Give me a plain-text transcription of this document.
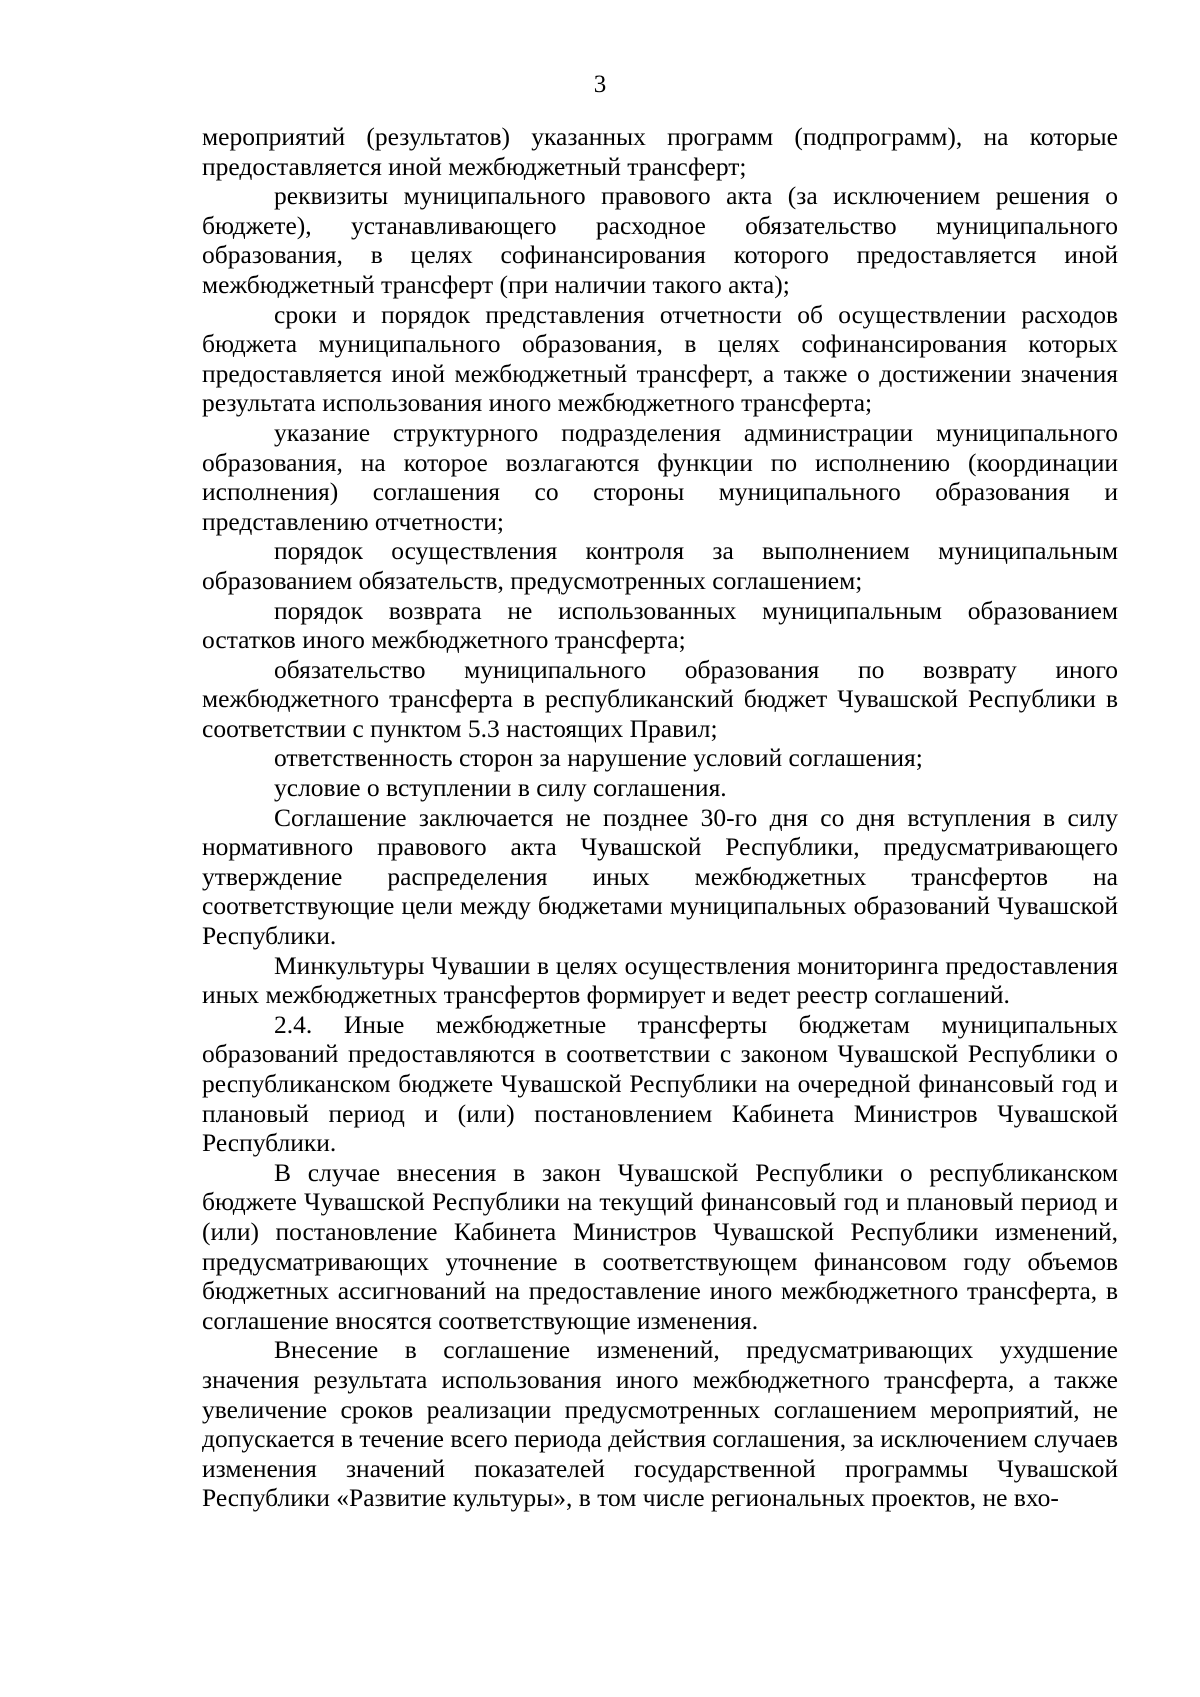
3

мероприятий (результатов) указанных программ (подпрограмм), на которые предоставляется иной межбюджетный трансферт;

реквизиты муниципального правового акта (за исключением решения о бюджете), устанавливающего расходное обязательство муниципального образования, в целях софинансирования которого предоставляется иной межбюджетный трансферт (при наличии такого акта);

сроки и порядок представления отчетности об осуществлении расходов бюджета муниципального образования, в целях софинансирования которых предоставляется иной межбюджетный трансферт, а также о достижении значения результата использования иного межбюджетного трансферта;

указание структурного подразделения администрации муниципального образования, на которое возлагаются функции по исполнению (координации исполнения) соглашения со стороны муниципального образования и представлению отчетности;

порядок осуществления контроля за выполнением муниципальным образованием обязательств, предусмотренных соглашением;

порядок возврата не использованных муниципальным образованием остатков иного межбюджетного трансферта;

обязательство муниципального образования по возврату иного межбюджетного трансферта в республиканский бюджет Чувашской Республики в соответствии с пунктом 5.3 настоящих Правил;

ответственность сторон за нарушение условий соглашения;

условие о вступлении в силу соглашения.

Соглашение заключается не позднее 30-го дня со дня вступления в силу нормативного правового акта Чувашской Республики, предусматривающего утверждение распределения иных межбюджетных трансфертов на соответствующие цели между бюджетами муниципальных образований Чувашской Республики.

Минкультуры Чувашии в целях осуществления мониторинга предоставления иных межбюджетных трансфертов формирует и ведет реестр соглашений.

2.4. Иные межбюджетные трансферты бюджетам муниципальных образований предоставляются в соответствии с законом Чувашской Республики о республиканском бюджете Чувашской Республики на очередной финансовый год и плановый период и (или) постановлением Кабинета Министров Чувашской Республики.

В случае внесения в закон Чувашской Республики о республиканском бюджете Чувашской Республики на текущий финансовый год и плановый период и (или) постановление Кабинета Министров Чувашской Республики изменений, предусматривающих уточнение в соответствующем финансовом году объемов бюджетных ассигнований на предоставление иного межбюджетного трансферта, в соглашение вносятся соответствующие изменения.

Внесение в соглашение изменений, предусматривающих ухудшение значения результата использования иного межбюджетного трансферта, а также увеличение сроков реализации предусмотренных соглашением мероприятий, не допускается в течение всего периода действия соглашения, за исключением случаев изменения значений показателей государственной программы Чувашской Республики «Развитие культуры», в том числе региональных проектов, не вхо-
